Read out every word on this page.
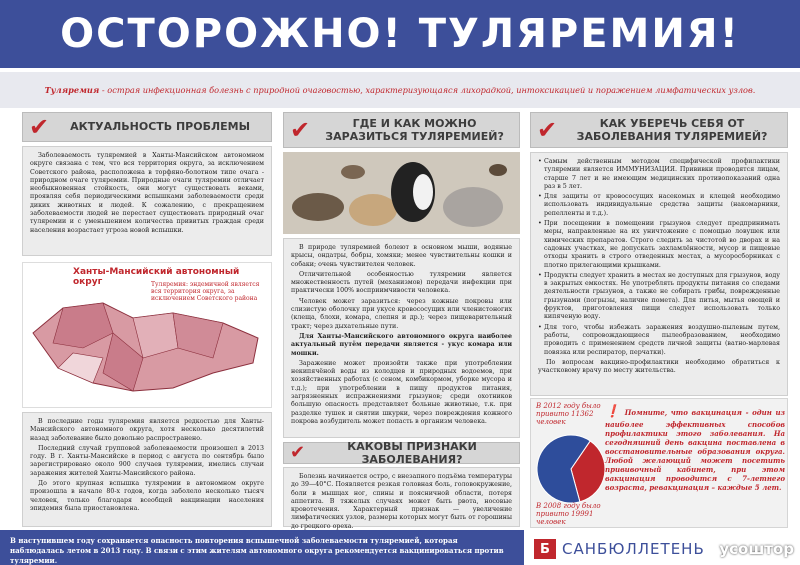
ОСТОРОЖНО! ТУЛЯРЕМИЯ!
Туляремия - острая инфекционная болезнь с природной очаговостью, характеризующаяся лихорадкой, интоксикацией и поражением лимфатических узлов.
✔	АКТУАЛЬНОСТЬ ПРОБЛЕМЫ

Заболеваемость туляремией в Ханты-Мансийском автономном округе связана с тем, что вся территория округа, за исключением Советского района, расположена в торфяно-болотном типе очага - природном очаге туляремии. Природные очаги туляремии отличает необыкновенная стойкость, они могут существовать веками, проявляя себя периодическими вспышками заболеваемости среди диких животных и людей. К сожалению, с прекращением заболеваемости людей не перестает существовать природный очаг туляремии и с уменьшением количества привитых граждан среди населения возрастает угроза новой вспышки.

Ханты-Мансийский автономный округ	Туляремия: эндемичной является вся территория округа, за исключением Советского района

В последние годы туляремия является редкостью для Ханты-Мансийского автономного округа, хотя несколько десятилетий назад заболевание было довольно распространено.

Последний случай групповой заболеваемости произошел в 2013 году. В г. Ханты-Мансийске в период с августа по сентябрь было зарегистрировано около 900 случаев туляремии, имелись случаи заражения жителей Ханты-Мансийского района.

До этого крупная вспышка туляремии в автономном округе произошла в начале 80-х годов, когда заболело несколько тысяч человек, только благодаря всеобщей вакцинации населения эпидемия была приостановлена.

✔	ГДЕ И КАК МОЖНО ЗАРАЗИТЬСЯ ТУЛЯРЕМИЕЙ?

В природе туляремией болеют в основном мыши, водяные крысы, ондатры, бобры, хомяки; менее чувствительны кошки и собаки; очень чувствителен человек.

Отличительной особенностью туляремии является множественность путей (механизмов) передачи инфекции при практически 100% восприимчивости человека.

Человек может заразиться: через кожные покровы или слизистую оболочку при укусе кровососущих или членистоногих (клеща, блохи, комара, слепня и др.); через пищеварительный тракт; через дыхательные пути.

Для Ханты-Мансийского автономного округа наиболее актуальный путём передачи является - укус комара или мошки.

Заражение может произойти также при употреблении некипячёной воды из колодцев и природных водоемов, при хозяйственных работах (с сеном, комбикормом, уборке мусора и т.д.); при употреблении в пищу продуктов питания, загрязненных испражнениями грызунов; среди охотников большую опасность представляет больные животные, т.к. при разделке тушек и снятии шкурки, через повреждения кожного покрова возбудитель может попасть в организм человека.

✔	КАКОВЫ ПРИЗНАКИ ЗАБОЛЕВАНИЯ?

Болезнь начинается остро, с внезапного подъёма температуры до 39—40°С. Появляется резкая головная боль, головокружение, боли в мышцах ног, спины и поясничной области, потеря аппетита. В тяжелых случаях может быть рвота, носовые кровотечения. Характерный признак — увеличение лимфатических узлов, размеры которых могут быть от горошины до грецкого ореха.

✔	КАК УБЕРЕЧЬ СЕБЯ ОТ ЗАБОЛЕВАНИЯ ТУЛЯРЕМИЕЙ?
• Самым действенным методом специфической профилактики туляремии является ИММУНИЗАЦИЯ. Прививки проводятся лицам, старше 7 лет и не имеющим медицинских противопоказаний одна раз в 5 лет.
• Для защиты от кровососущих насекомых и клещей необходимо использовать индивидуальные средства защиты (накомарники, репелленты и т.д.).
• При посещении в помещении грызунов следует предпринимать меры, направленные на их уничтожение с помощью ловушек или химических препаратов. Строго следить за чистотой во дворах и на садовых участках, не допускать захламлённости, мусор и пищевые отходы хранить в строго отведенных местах, а мусоросборниках с плотно прилегающими крышками.
• Продукты следует хранить в местах не доступных для грызунов, воду в закрытых емкостях. Не употреблять продукты питания со следами деятельности грызунов, а также не собирать грибы, поврежденные грызунами (погрызы, наличие помета). Для питья, мытья овощей и фруктов, приготовления пищи следует использовать только кипяченую воду.
• Для того, чтобы избежать заражения воздушно-пылевым путем, работы, сопровождающиеся пылеобразованием, необходимо проводить с применением средств личной защиты (ватно-марлевая повязка или респиратор, перчатки).

По вопросам вакцино-профилактики необходимо обратиться к участковому врачу по месту жительства.

В 2012 году было привито 11362 человек
В 2008 году было привито 19991 человек
❗ Помните, что вакцинация - один из наиболее эффективных способов профилактики этого заболевания. На сегодняшний день вакцина поставлена в восстановительные образования округа. Любой желающий может посетить прививочный кабинет, при этом вакцинация проводится с 7-летнего возраста, ревакцинация – каждые 5 лет.
В наступившем году сохраняется опасность повторения вспышечной заболеваемости туляремией, которая наблюдалась летом в 2013 году. В связи с этим жителям автономного округа рекомендуется вакцинироваться против туляремии.
Б САНБЮЛЛЕТЕНЬ усоштор
